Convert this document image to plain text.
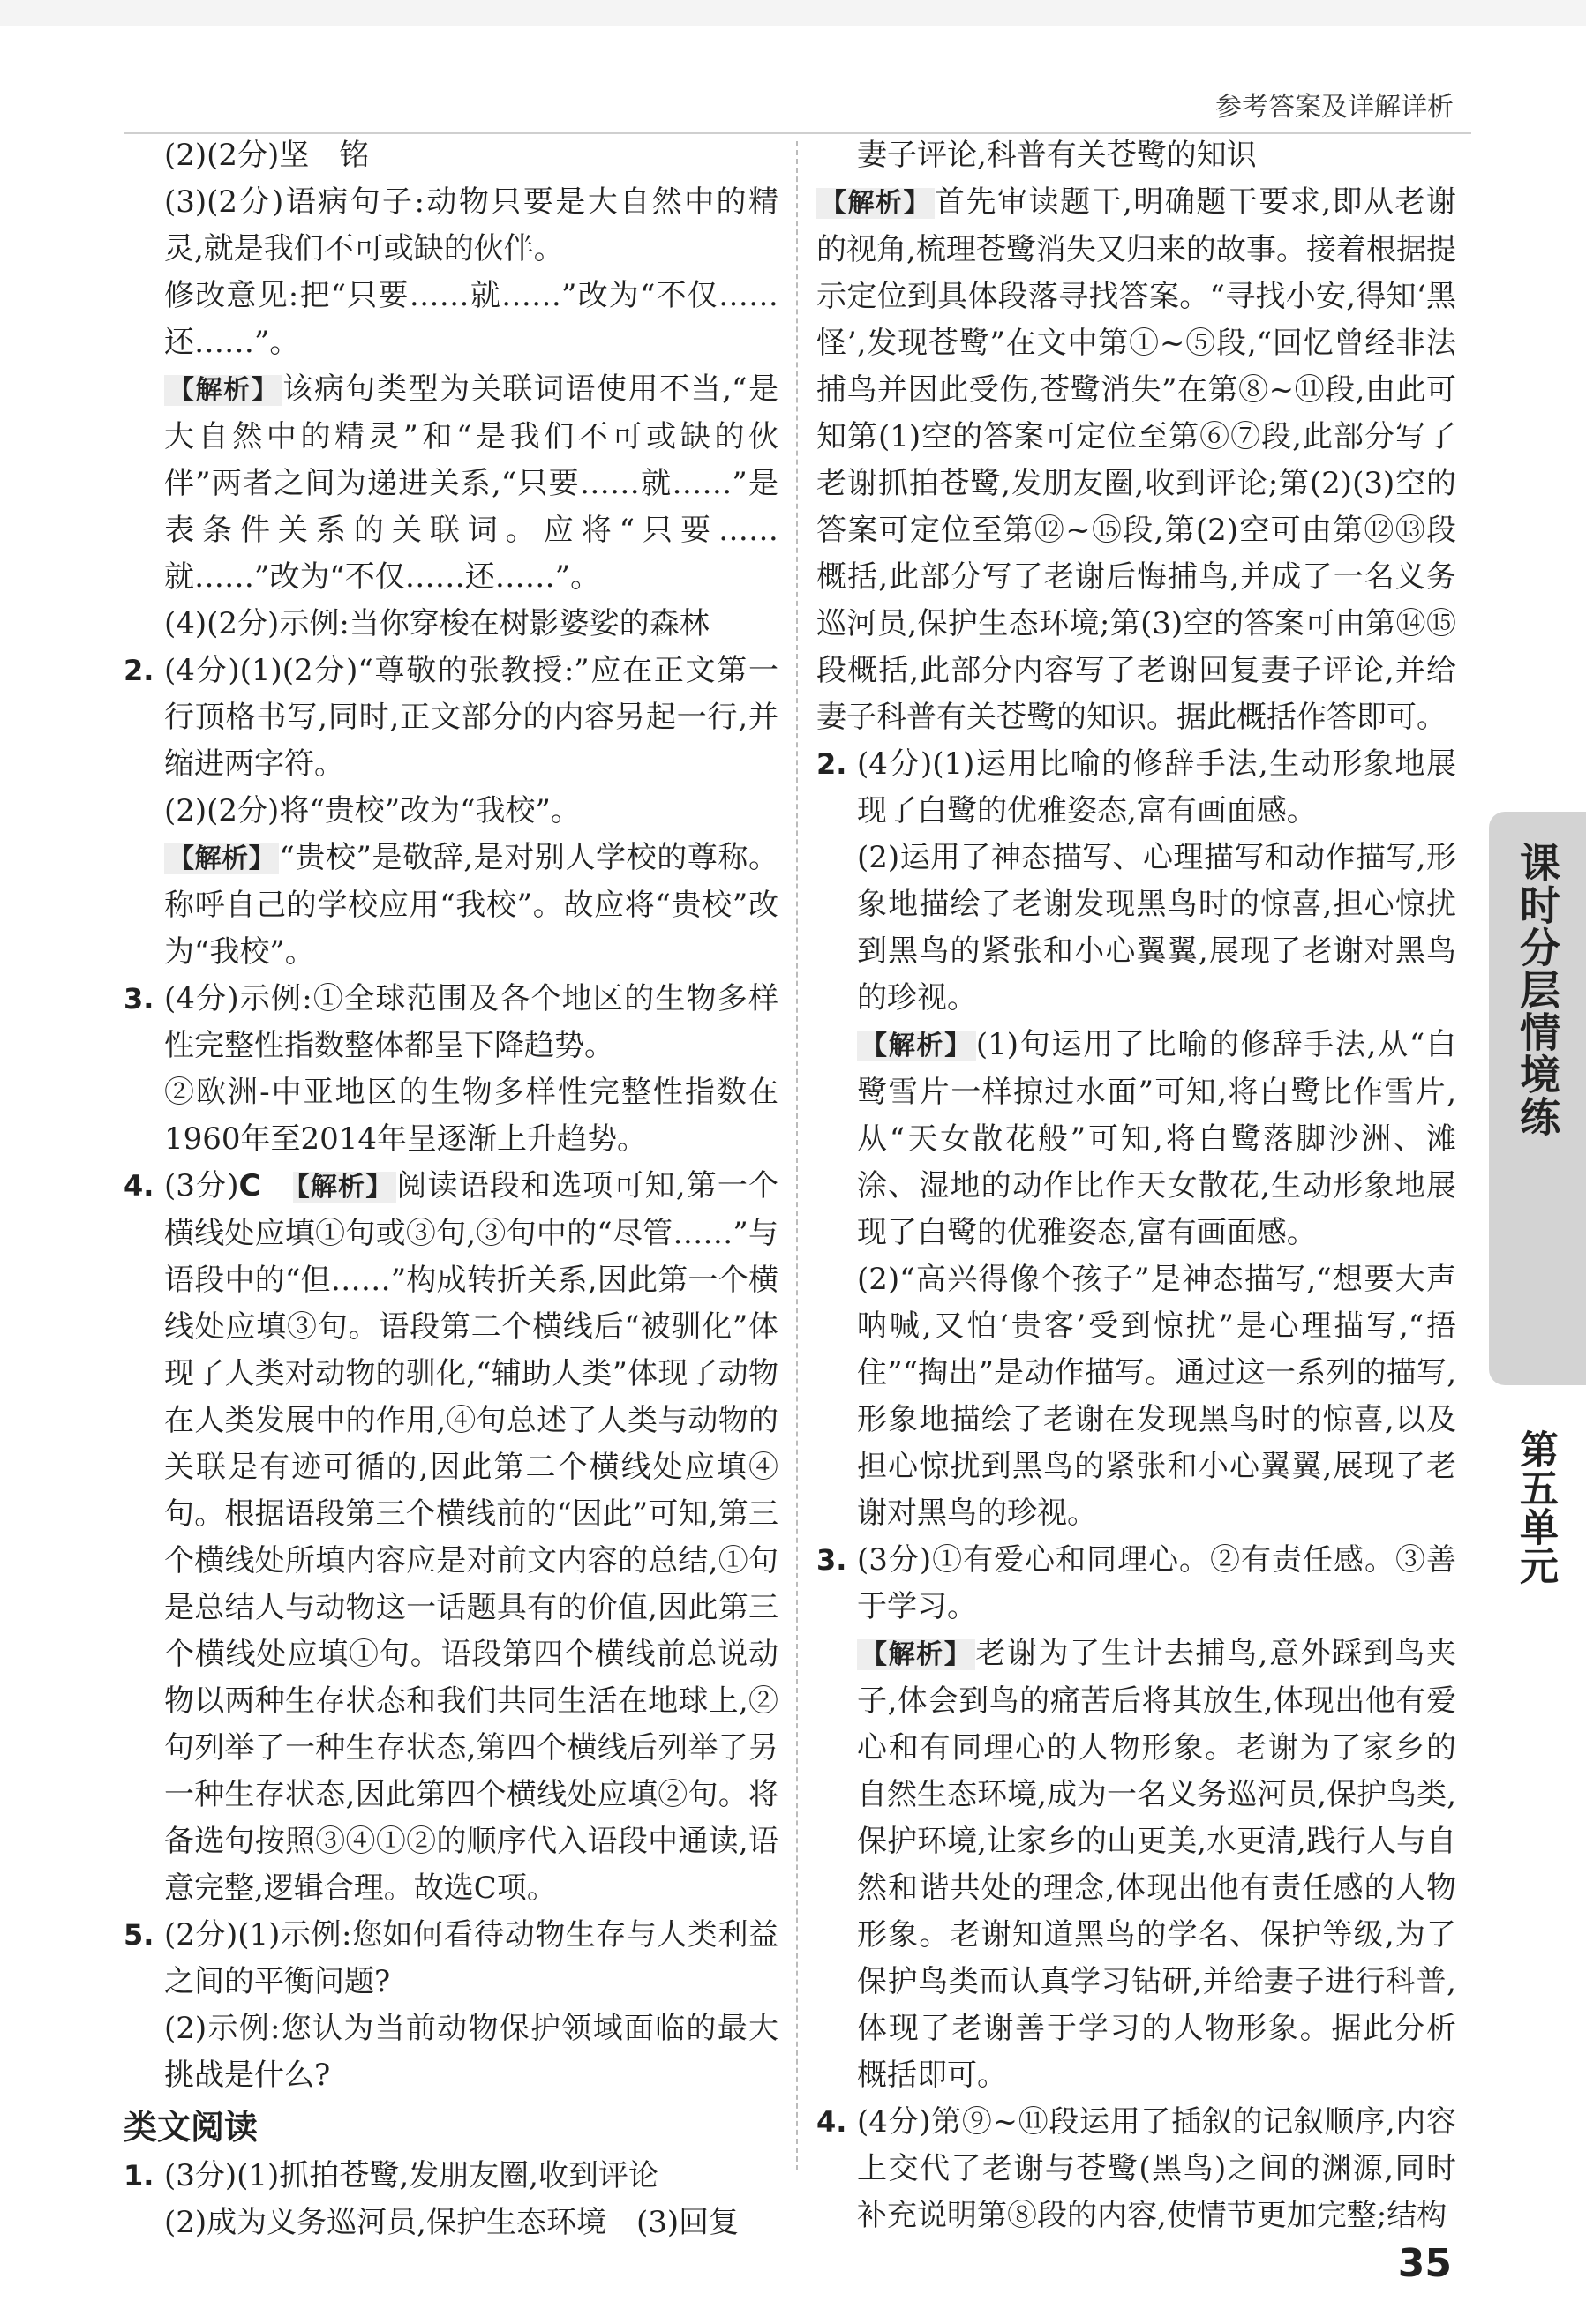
参考答案及详解详析

(2)(2分)坚　铭

(3)(2分)语病句子:动物只要是大自然中的精灵,就是我们不可或缺的伙伴。

修改意见:把“只要……就……”改为“不仅……还……”。

【解析】 该病句类型为关联词语使用不当,“是大自然中的精灵”和“是我们不可或缺的伙伴”两者之间为递进关系,“只要……就……”是表条件关系的关联词。应将“只要……就……”改为“不仅……还……”。

(4)(2分)示例:当你穿梭在树影婆娑的森林

2. (4分)(1)(2分)“尊敬的张教授:”应在正文第一行顶格书写,同时,正文部分的内容另起一行,并缩进两字符。

(2)(2分)将“贵校”改为“我校”。

【解析】 “贵校”是敬辞,是对别人学校的尊称。称呼自己的学校应用“我校”。故应将“贵校”改为“我校”。

3. (4分)示例:①全球范围及各个地区的生物多样性完整性指数整体都呈下降趋势。

②欧洲-中亚地区的生物多样性完整性指数在1960年至2014年呈逐渐上升趋势。

4. (3分)C　 【解析】 阅读语段和选项可知,第一个横线处应填①句或③句,③句中的“尽管……”与语段中的“但……”构成转折关系,因此第一个横线处应填③句。语段第二个横线后“被驯化”体现了人类对动物的驯化,“辅助人类”体现了动物在人类发展中的作用,④句总述了人类与动物的关联是有迹可循的,因此第二个横线处应填④句。根据语段第三个横线前的“因此”可知,第三个横线处所填内容应是对前文内容的总结,①句是总结人与动物这一话题具有的价值,因此第三个横线处应填①句。语段第四个横线前总说动物以两种生存状态和我们共同生活在地球上,②句列举了一种生存状态,第四个横线后列举了另一种生存状态,因此第四个横线处应填②句。将备选句按照③④①②的顺序代入语段中通读,语意完整,逻辑合理。故选C项。

5. (2分)(1)示例:您如何看待动物生存与人类利益之间的平衡问题?

(2)示例:您认为当前动物保护领域面临的最大挑战是什么?

类文阅读
1. (3分)(1)抓拍苍鹭,发朋友圈,收到评论

(2)成为义务巡河员,保护生态环境　(3)回复

妻子评论,科普有关苍鹭的知识

【解析】 首先审读题干,明确题干要求,即从老谢的视角,梳理苍鹭消失又归来的故事。接着根据提示定位到具体段落寻找答案。“寻找小安,得知‘黑怪’,发现苍鹭”在文中第①~⑤段,“回忆曾经非法捕鸟并因此受伤,苍鹭消失”在第⑧~⑪段,由此可知第(1)空的答案可定位至第⑥⑦段,此部分写了老谢抓拍苍鹭,发朋友圈,收到评论;第(2)(3)空的答案可定位至第⑫~⑮段,第(2)空可由第⑫⑬段概括,此部分写了老谢后悔捕鸟,并成了一名义务巡河员,保护生态环境;第(3)空的答案可由第⑭⑮段概括,此部分内容写了老谢回复妻子评论,并给妻子科普有关苍鹭的知识。据此概括作答即可。

2. (4分)(1)运用比喻的修辞手法,生动形象地展现了白鹭的优雅姿态,富有画面感。

(2)运用了神态描写、心理描写和动作描写,形象地描绘了老谢发现黑鸟时的惊喜,担心惊扰到黑鸟的紧张和小心翼翼,展现了老谢对黑鸟的珍视。

【解析】 (1)句运用了比喻的修辞手法,从“白鹭雪片一样掠过水面”可知,将白鹭比作雪片,从“天女散花般”可知,将白鹭落脚沙洲、滩涂、湿地的动作比作天女散花,生动形象地展现了白鹭的优雅姿态,富有画面感。

(2)“高兴得像个孩子”是神态描写,“想要大声呐喊,又怕‘贵客’受到惊扰”是心理描写,“捂住”“掏出”是动作描写。通过这一系列的描写,形象地描绘了老谢在发现黑鸟时的惊喜,以及担心惊扰到黑鸟的紧张和小心翼翼,展现了老谢对黑鸟的珍视。

3. (3分)①有爱心和同理心。②有责任感。③善于学习。

【解析】 老谢为了生计去捕鸟,意外踩到鸟夹子,体会到鸟的痛苦后将其放生,体现出他有爱心和有同理心的人物形象。老谢为了家乡的自然生态环境,成为一名义务巡河员,保护鸟类,保护环境,让家乡的山更美,水更清,践行人与自然和谐共处的理念,体现出他有责任感的人物形象。老谢知道黑鸟的学名、保护等级,为了保护鸟类而认真学习钻研,并给妻子进行科普,体现了老谢善于学习的人物形象。据此分析概括即可。

4. (4分)第⑨~⑪段运用了插叙的记叙顺序,内容上交代了老谢与苍鹭(黑鸟)之间的渊源,同时补充说明第⑧段的内容,使情节更加完整;结构

课时分层情境练
第五单元
35
